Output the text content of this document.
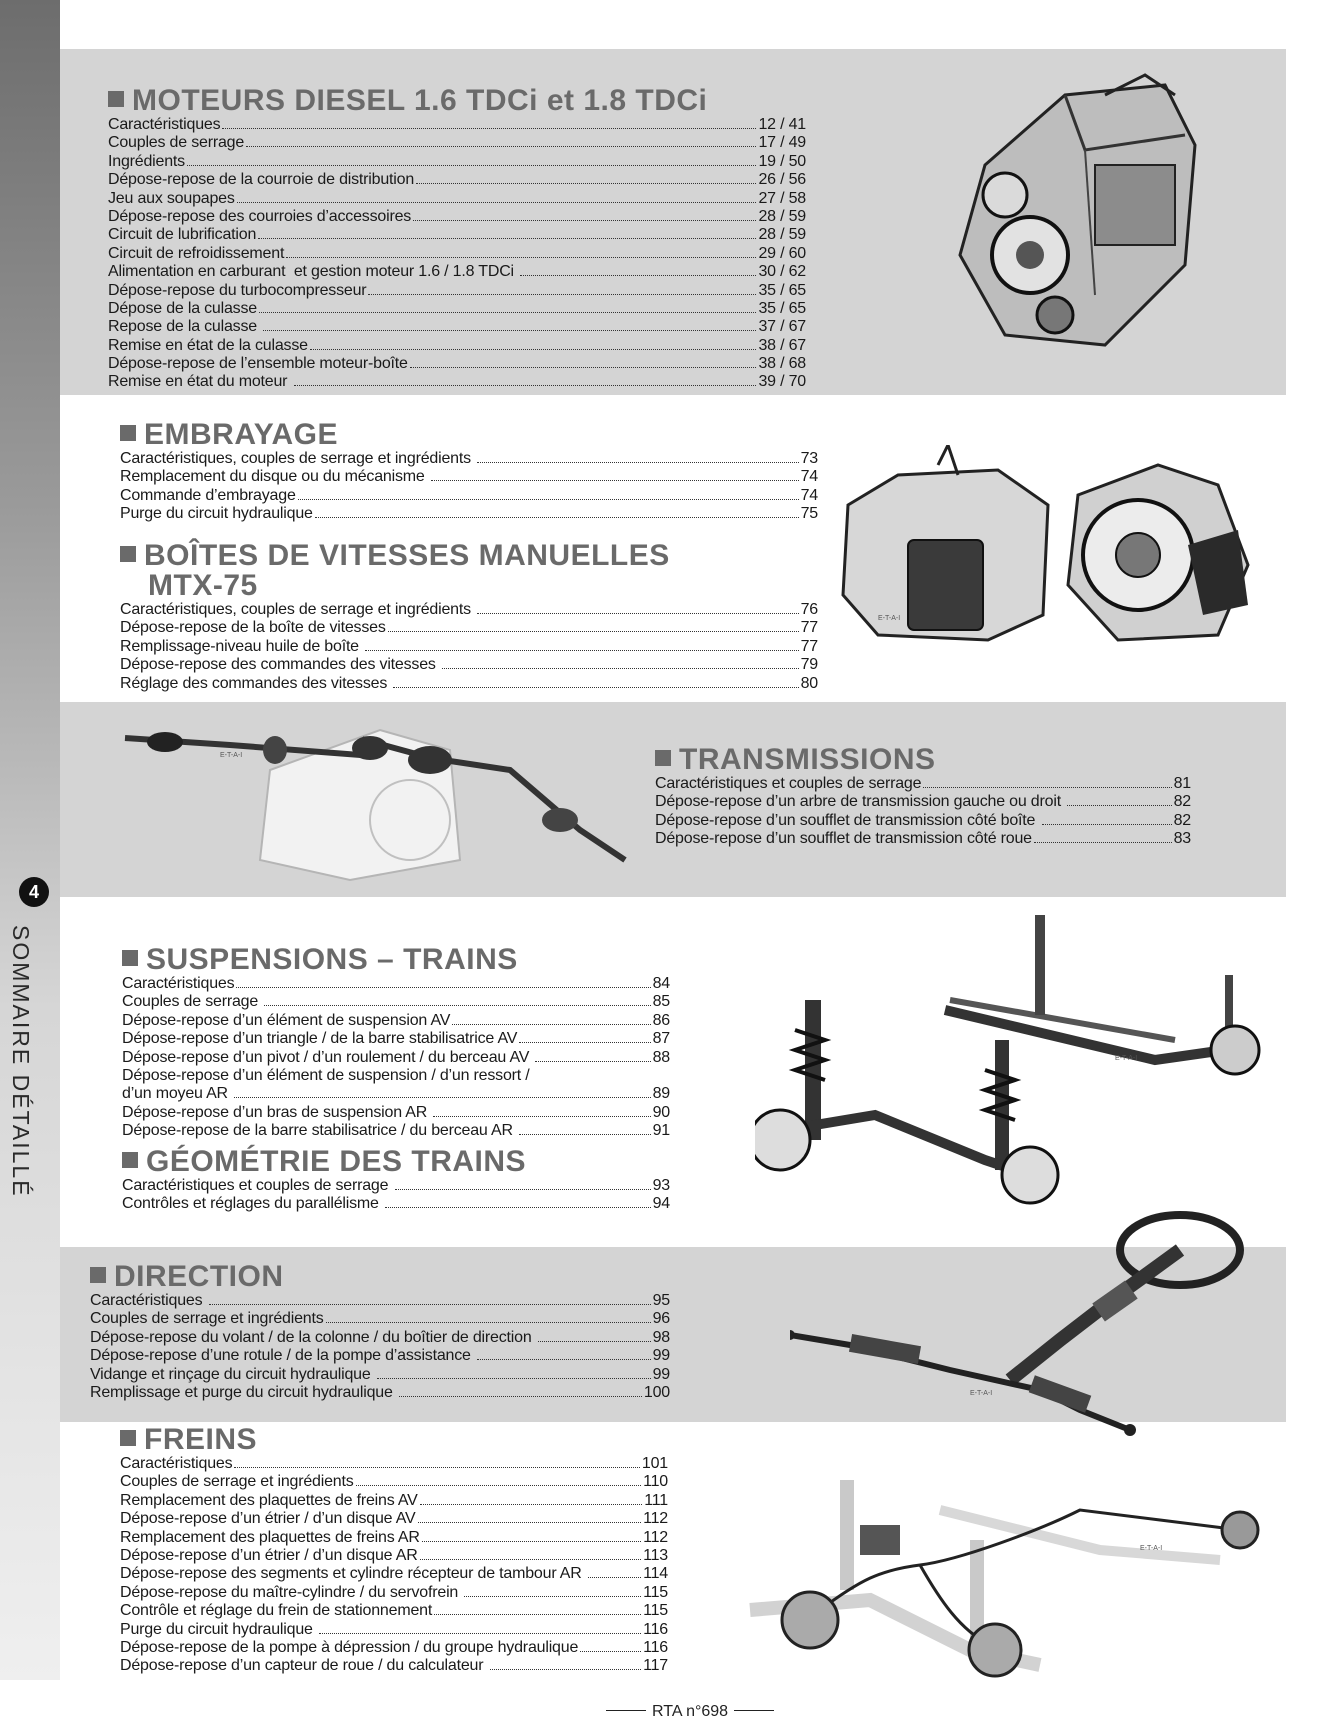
4
SOMMAIRE DÉTAILLÉ
MOTEURS DIESEL 1.6 TDCi et 1.8 TDCi
Caractéristiques	12 / 41
Couples de serrage	17 / 49
Ingrédients	19 / 50
Dépose-repose de la courroie de distribution	26 / 56
Jeu aux soupapes	27 / 58
Dépose-repose des courroies d’accessoires	28 / 59
Circuit de lubrification	28 / 59
Circuit de refroidissement	29 / 60
Alimentation en carburant  et gestion moteur 1.6 / 1.8 TDCi	30 / 62
Dépose-repose du turbocompresseur	35 / 65
Dépose de la culasse	35 / 65
Repose de la culasse	37 / 67
Remise en état de la culasse	38 / 67
Dépose-repose de l’ensemble moteur-boîte	38 / 68
Remise en état du moteur	39 / 70
EMBRAYAGE
Caractéristiques, couples de serrage et ingrédients	73
Remplacement du disque ou du mécanisme	74
Commande d’embrayage	74
Purge du circuit hydraulique	75
BOÎTES DE VITESSES MANUELLES
MTX-75
Caractéristiques, couples de serrage et ingrédients	76
Dépose-repose de la boîte de vitesses	77
Remplissage-niveau huile de boîte	77
Dépose-repose des commandes des vitesses	79
Réglage des commandes des vitesses	80
TRANSMISSIONS
Caractéristiques et couples de serrage	81
Dépose-repose d’un arbre de transmission gauche ou droit	82
Dépose-repose d’un soufflet de transmission côté boîte	82
Dépose-repose d’un soufflet de transmission côté roue	83
SUSPENSIONS – TRAINS
Caractéristiques	84
Couples de serrage	85
Dépose-repose d’un élément de suspension AV	86
Dépose-repose d’un triangle / de la barre stabilisatrice AV	87
Dépose-repose d’un pivot / d’un roulement / du berceau AV	88
Dépose-repose d’un élément de suspension / d’un ressort /
d’un moyeu AR	89
Dépose-repose d’un bras de suspension AR	90
Dépose-repose de la barre stabilisatrice / du berceau AR	91
GÉOMÉTRIE DES TRAINS
Caractéristiques et couples de serrage	93
Contrôles et réglages du parallélisme	94
DIRECTION
Caractéristiques	95
Couples de serrage et ingrédients	96
Dépose-repose du volant / de la colonne / du boîtier de direction	98
Dépose-repose d’une rotule / de la pompe d’assistance	99
Vidange et rinçage du circuit hydraulique	99
Remplissage et purge du circuit hydraulique	100
FREINS
Caractéristiques	101
Couples de serrage et ingrédients	110
Remplacement des plaquettes de freins AV	111
Dépose-repose d’un étrier / d’un disque AV	112
Remplacement des plaquettes de freins AR	112
Dépose-repose d’un étrier / d’un disque AR	113
Dépose-repose des segments et cylindre récepteur de tambour AR	114
Dépose-repose du maître-cylindre / du servofrein	115
Contrôle et réglage du frein de stationnement	115
Purge du circuit hydraulique	116
Dépose-repose de la pompe à dépression / du groupe hydraulique	116
Dépose-repose d’un capteur de roue / du calculateur	117
E-T-A-I
E-T-A-I
E-T-A-I
E-T-A-I
E-T-A-I
RTA n°698
